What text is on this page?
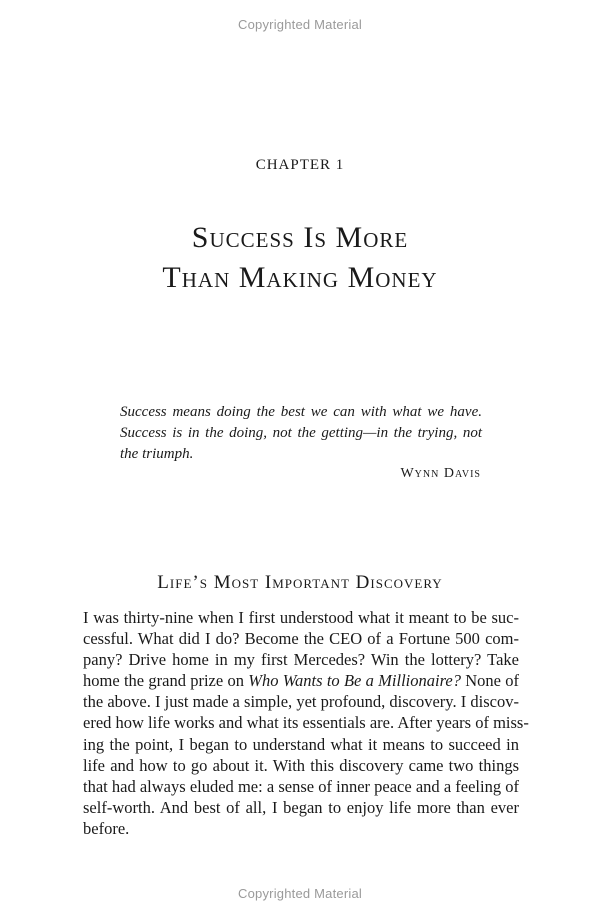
Copyrighted Material
CHAPTER 1
Success Is More
Than Making Money
Success means doing the best we can with what we have.
Success is in the doing, not the getting—in the trying, not
the triumph.
Wynn Davis
Life’s Most Important Discovery
I was thirty-nine when I first understood what it meant to be suc-
cessful. What did I do? Become the CEO of a Fortune 500 com-
pany? Drive home in my first Mercedes? Win the lottery? Take
home the grand prize on Who Wants to Be a Millionaire? None of
the above. I just made a simple, yet profound, discovery. I discov-
ered how life works and what its essentials are. After years of miss-
ing the point, I began to understand what it means to succeed in
life and how to go about it. With this discovery came two things
that had always eluded me: a sense of inner peace and a feeling of
self-worth. And best of all, I began to enjoy life more than ever
before.
Copyrighted Material
